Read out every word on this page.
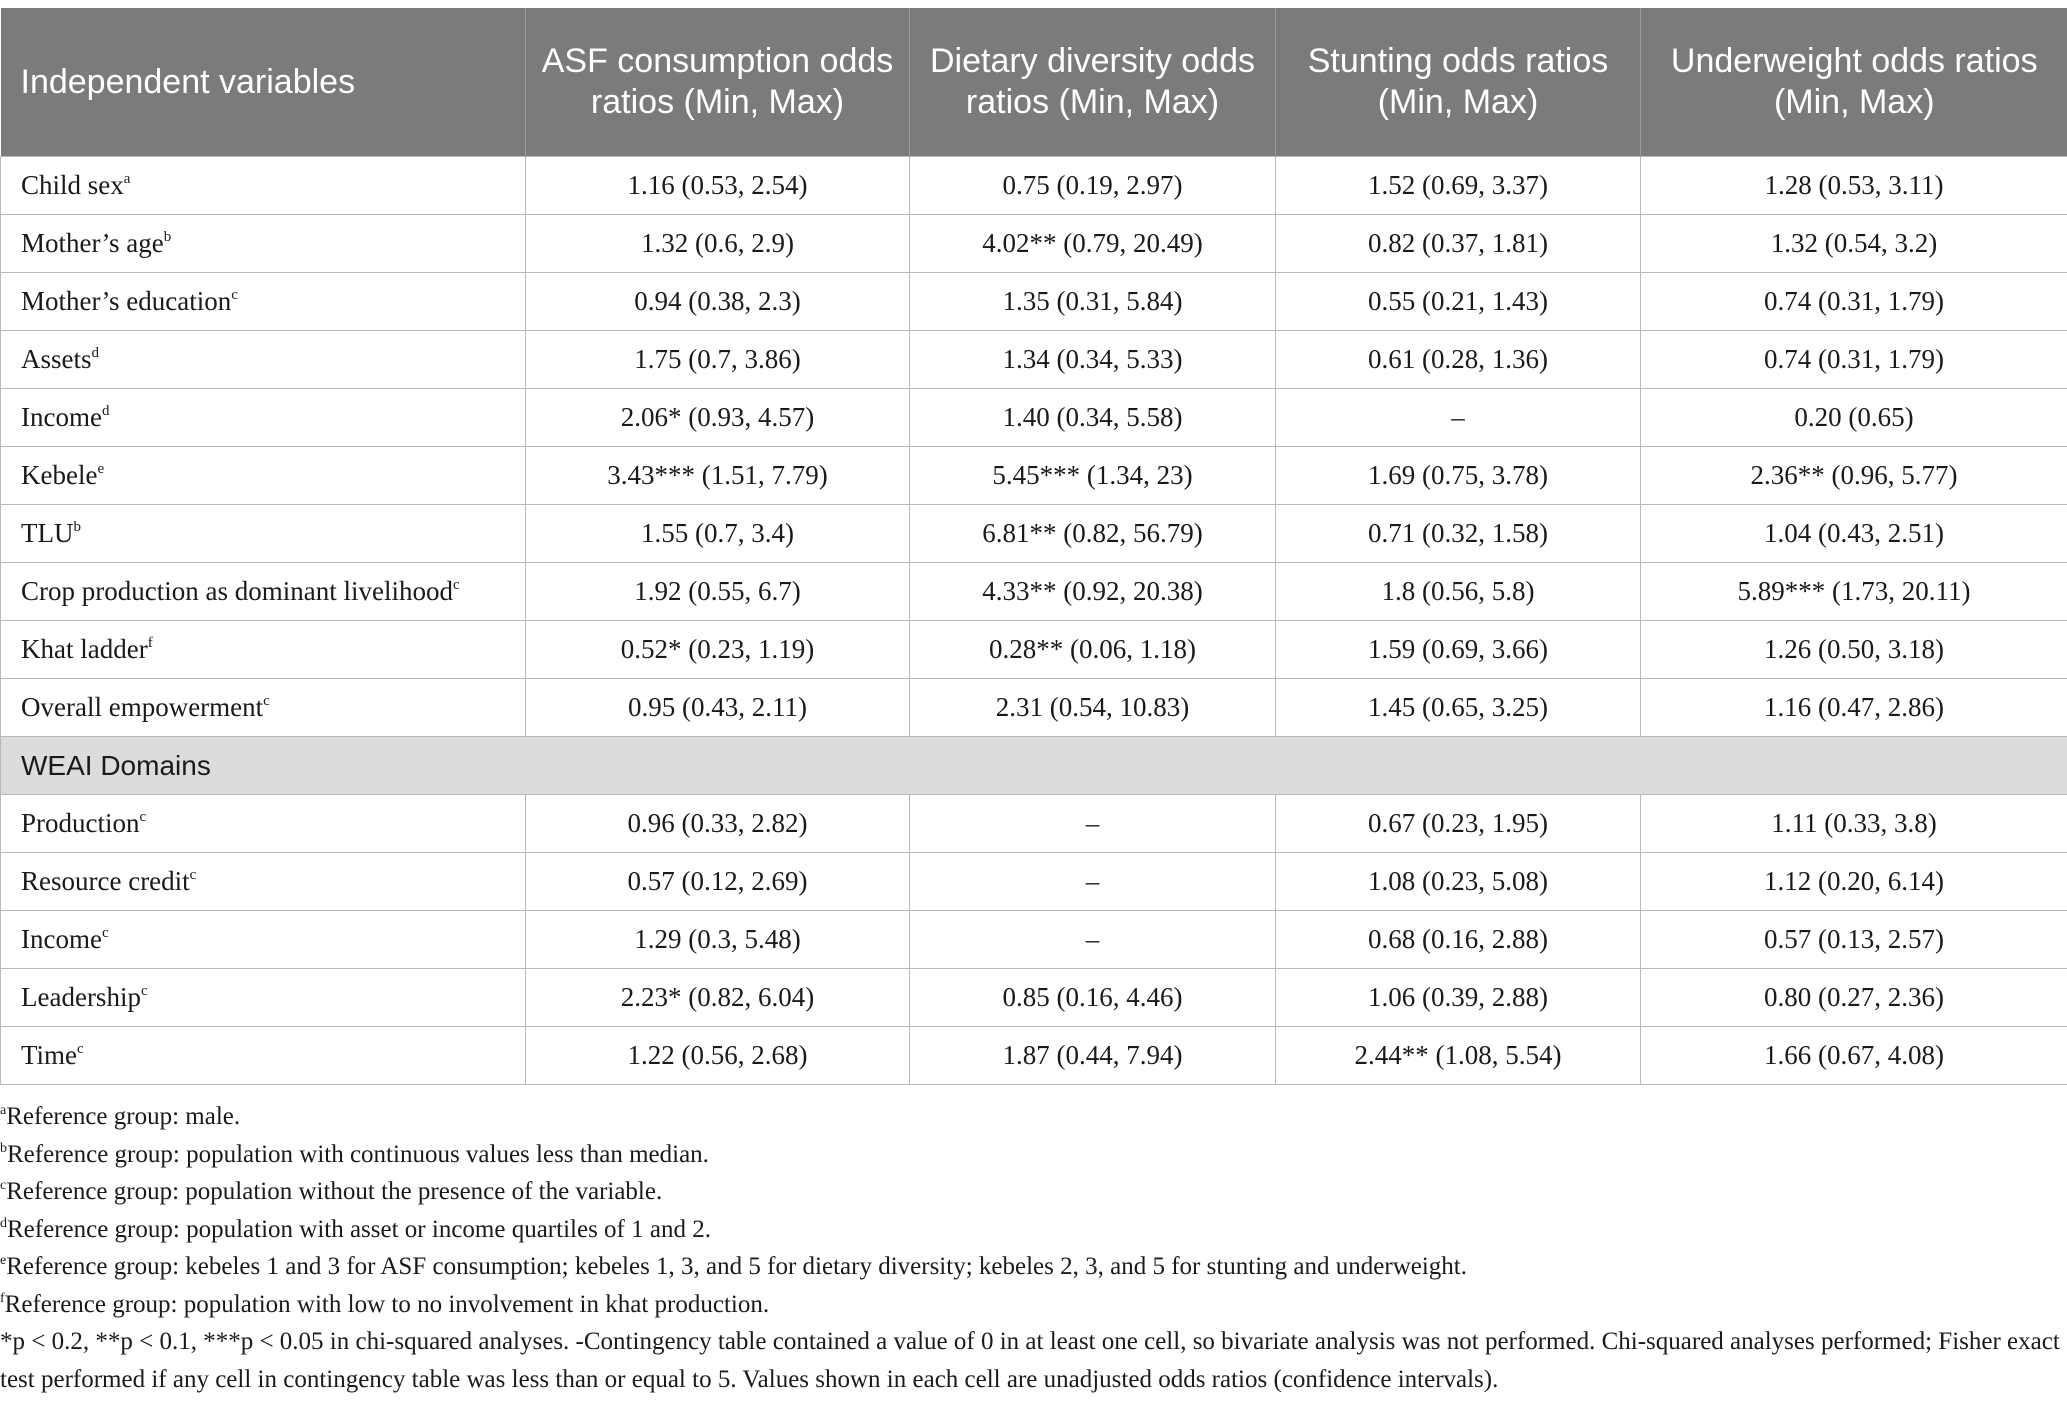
Independent variables	ASF consumption odds ratios (Min, Max)	Dietary diversity odds ratios (Min, Max)	Stunting odds ratios (Min, Max)	Underweight odds ratios (Min, Max)
Child sex$^a$	1.16 (0.53, 2.54)	0.75 (0.19, 2.97)	1.52 (0.69, 3.37)	1.28 (0.53, 3.11)
Mother’s age$^b$	1.32 (0.6, 2.9)	4.02** (0.79, 20.49)	0.82 (0.37, 1.81)	1.32 (0.54, 3.2)
Mother’s education$^c$	0.94 (0.38, 2.3)	1.35 (0.31, 5.84)	0.55 (0.21, 1.43)	0.74 (0.31, 1.79)
Assets$^d$	1.75 (0.7, 3.86)	1.34 (0.34, 5.33)	0.61 (0.28, 1.36)	0.74 (0.31, 1.79)
Income$^d$	2.06* (0.93, 4.57)	1.40 (0.34, 5.58)	–	0.20 (0.65)
Kebele$^e$	3.43*** (1.51, 7.79)	5.45*** (1.34, 23)	1.69 (0.75, 3.78)	2.36** (0.96, 5.77)
TLU$^b$	1.55 (0.7, 3.4)	6.81** (0.82, 56.79)	0.71 (0.32, 1.58)	1.04 (0.43, 2.51)
Crop production as dominant livelihood$^c$	1.92 (0.55, 6.7)	4.33** (0.92, 20.38)	1.8 (0.56, 5.8)	5.89*** (1.73, 20.11)
Khat ladder$^f$	0.52* (0.23, 1.19)	0.28** (0.06, 1.18)	1.59 (0.69, 3.66)	1.26 (0.50, 3.18)
Overall empowerment$^c$	0.95 (0.43, 2.11)	2.31 (0.54, 10.83)	1.45 (0.65, 3.25)	1.16 (0.47, 2.86)
WEAI Domains				
Production$^c$	0.96 (0.33, 2.82)	–	0.67 (0.23, 1.95)	1.11 (0.33, 3.8)
Resource credit$^c$	0.57 (0.12, 2.69)	–	1.08 (0.23, 5.08)	1.12 (0.20, 6.14)
Income$^c$	1.29 (0.3, 5.48)	–	0.68 (0.16, 2.88)	0.57 (0.13, 2.57)
Leadership$^c$	2.23* (0.82, 6.04)	0.85 (0.16, 4.46)	1.06 (0.39, 2.88)	0.80 (0.27, 2.36)
Time$^c$	1.22 (0.56, 2.68)	1.87 (0.44, 7.94)	2.44** (1.08, 5.54)	1.66 (0.67, 4.08)
$^a$Reference group: male.
$^b$Reference group: population with continuous values less than median.
$^c$Reference group: population without the presence of the variable.
$^d$Reference group: population with asset or income quartiles of 1 and 2.
$^e$Reference group: kebeles 1 and 3 for ASF consumption; kebeles 1, 3, and 5 for dietary diversity; kebeles 2, 3, and 5 for stunting and underweight.
$^f$Reference group: population with low to no involvement in khat production.
*p < 0.2, **p < 0.1, ***p < 0.05 in chi-squared analyses. -Contingency table contained a value of 0 in at least one cell, so bivariate analysis was not performed. Chi-squared analyses performed; Fisher exact test performed if any cell in contingency table was less than or equal to 5. Values shown in each cell are unadjusted odds ratios (confidence intervals).
